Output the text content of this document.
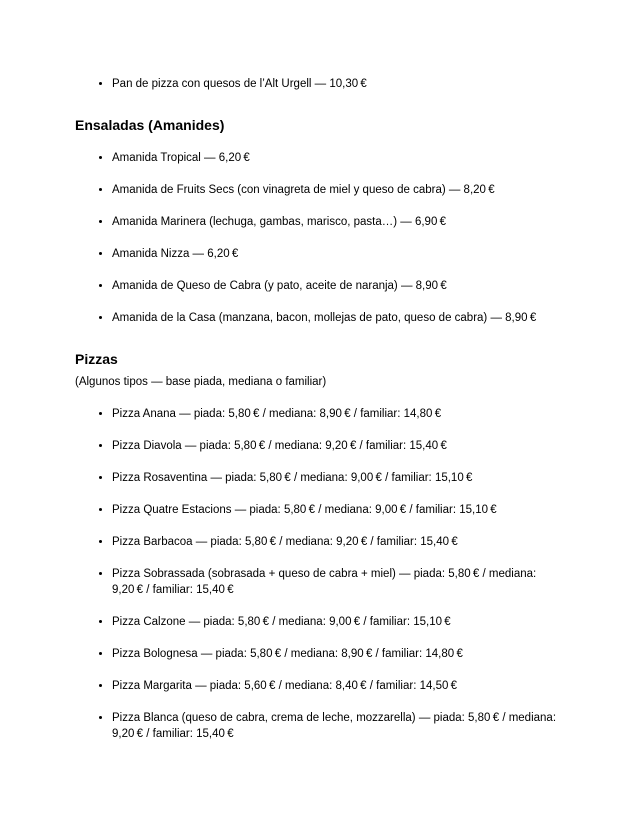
• Pan de pizza con quesos de l’Alt Urgell — 10,30 €
Ensaladas (Amanides)
• Amanida Tropical — 6,20 €
• Amanida de Fruits Secs (con vinagreta de miel y queso de cabra) — 8,20 €
• Amanida Marinera (lechuga, gambas, marisco, pasta…) — 6,90 €
• Amanida Nizza — 6,20 €
• Amanida de Queso de Cabra (y pato, aceite de naranja) — 8,90 €
• Amanida de la Casa (manzana, bacon, mollejas de pato, queso de cabra) — 8,90 €
Pizzas

(Algunos tipos — base piada, mediana o familiar)

• Pizza Anana — piada: 5,80 € / mediana: 8,90 € / familiar: 14,80 €
• Pizza Diavola — piada: 5,80 € / mediana: 9,20 € / familiar: 15,40 €
• Pizza Rosaventina — piada: 5,80 € / mediana: 9,00 € / familiar: 15,10 €
• Pizza Quatre Estacions — piada: 5,80 € / mediana: 9,00 € / familiar: 15,10 €
• Pizza Barbacoa — piada: 5,80 € / mediana: 9,20 € / familiar: 15,40 €
• Pizza Sobrassada (sobrasada + queso de cabra + miel) — piada: 5,80 € / mediana: 9,20 € / familiar: 15,40 €
• Pizza Calzone — piada: 5,80 € / mediana: 9,00 € / familiar: 15,10 €
• Pizza Bolognesa — piada: 5,80 € / mediana: 8,90 € / familiar: 14,80 €
• Pizza Margarita — piada: 5,60 € / mediana: 8,40 € / familiar: 14,50 €
• Pizza Blanca (queso de cabra, crema de leche, mozzarella) — piada: 5,80 € / mediana: 9,20 € / familiar: 15,40 €
